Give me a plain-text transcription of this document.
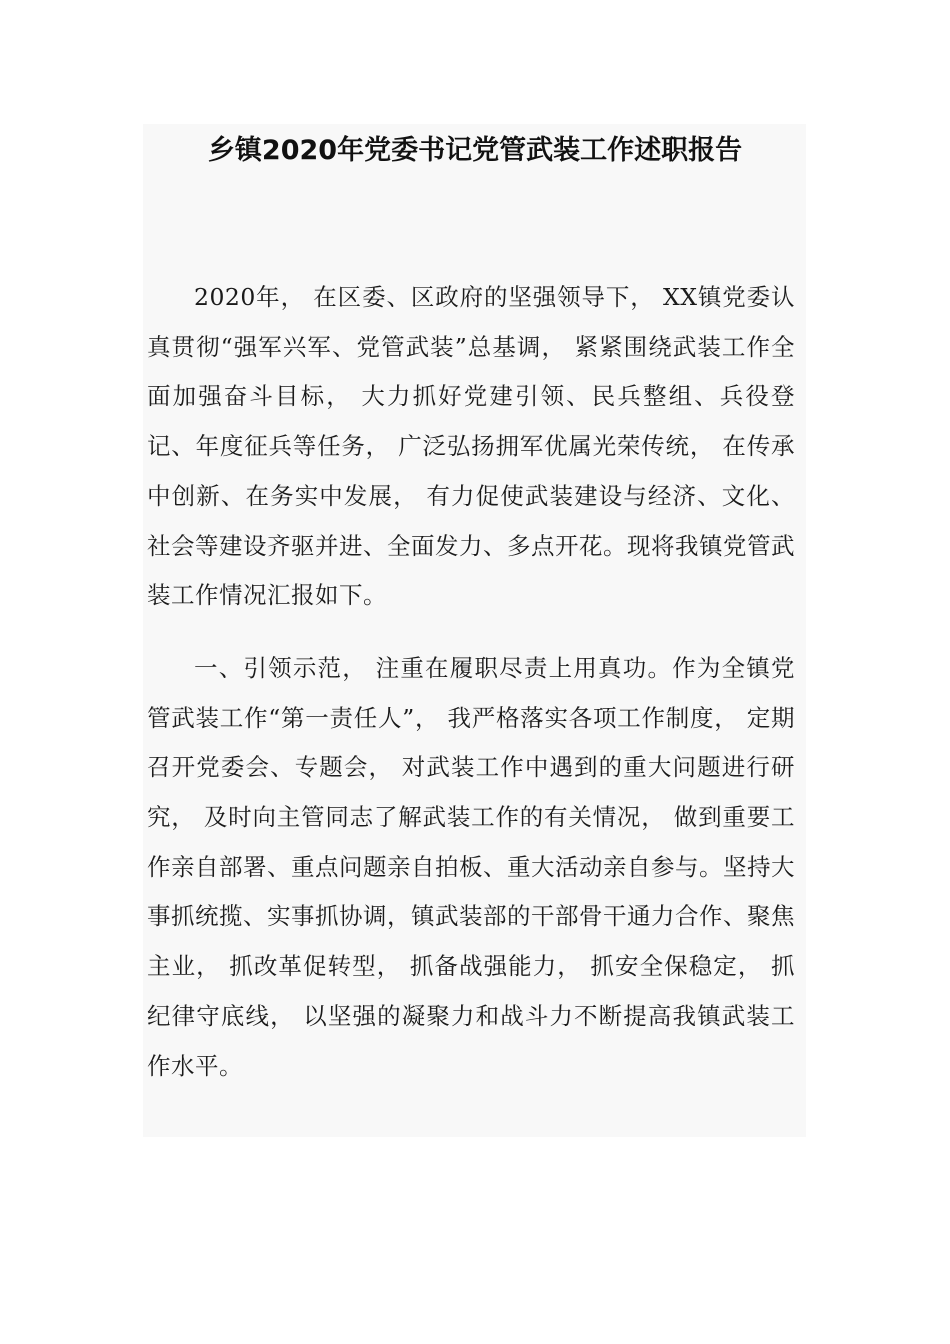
乡镇2020年党委书记党管武装工作述职报告

2020年， 在区委、区政府的坚强领导下， XX镇党委认真贯彻“强军兴军、党管武装”总基调， 紧紧围绕武装工作全面加强奋斗目标， 大力抓好党建引领、民兵整组、兵役登记、年度征兵等任务， 广泛弘扬拥军优属光荣传统， 在传承中创新、在务实中发展， 有力促使武装建设与经济、文化、社会等建设齐驱并进、全面发力、多点开花。现将我镇党管武装工作情况汇报如下。

一、引领示范， 注重在履职尽责上用真功。作为全镇党管武装工作“第一责任人”， 我严格落实各项工作制度， 定期召开党委会、专题会， 对武装工作中遇到的重大问题进行研究， 及时向主管同志了解武装工作的有关情况， 做到重要工作亲自部署、重点问题亲自拍板、重大活动亲自参与。坚持大事抓统揽、实事抓协调，镇武装部的干部骨干通力合作、聚焦主业， 抓改革促转型， 抓备战强能力， 抓安全保稳定， 抓纪律守底线， 以坚强的凝聚力和战斗力不断提高我镇武装工作水平。
